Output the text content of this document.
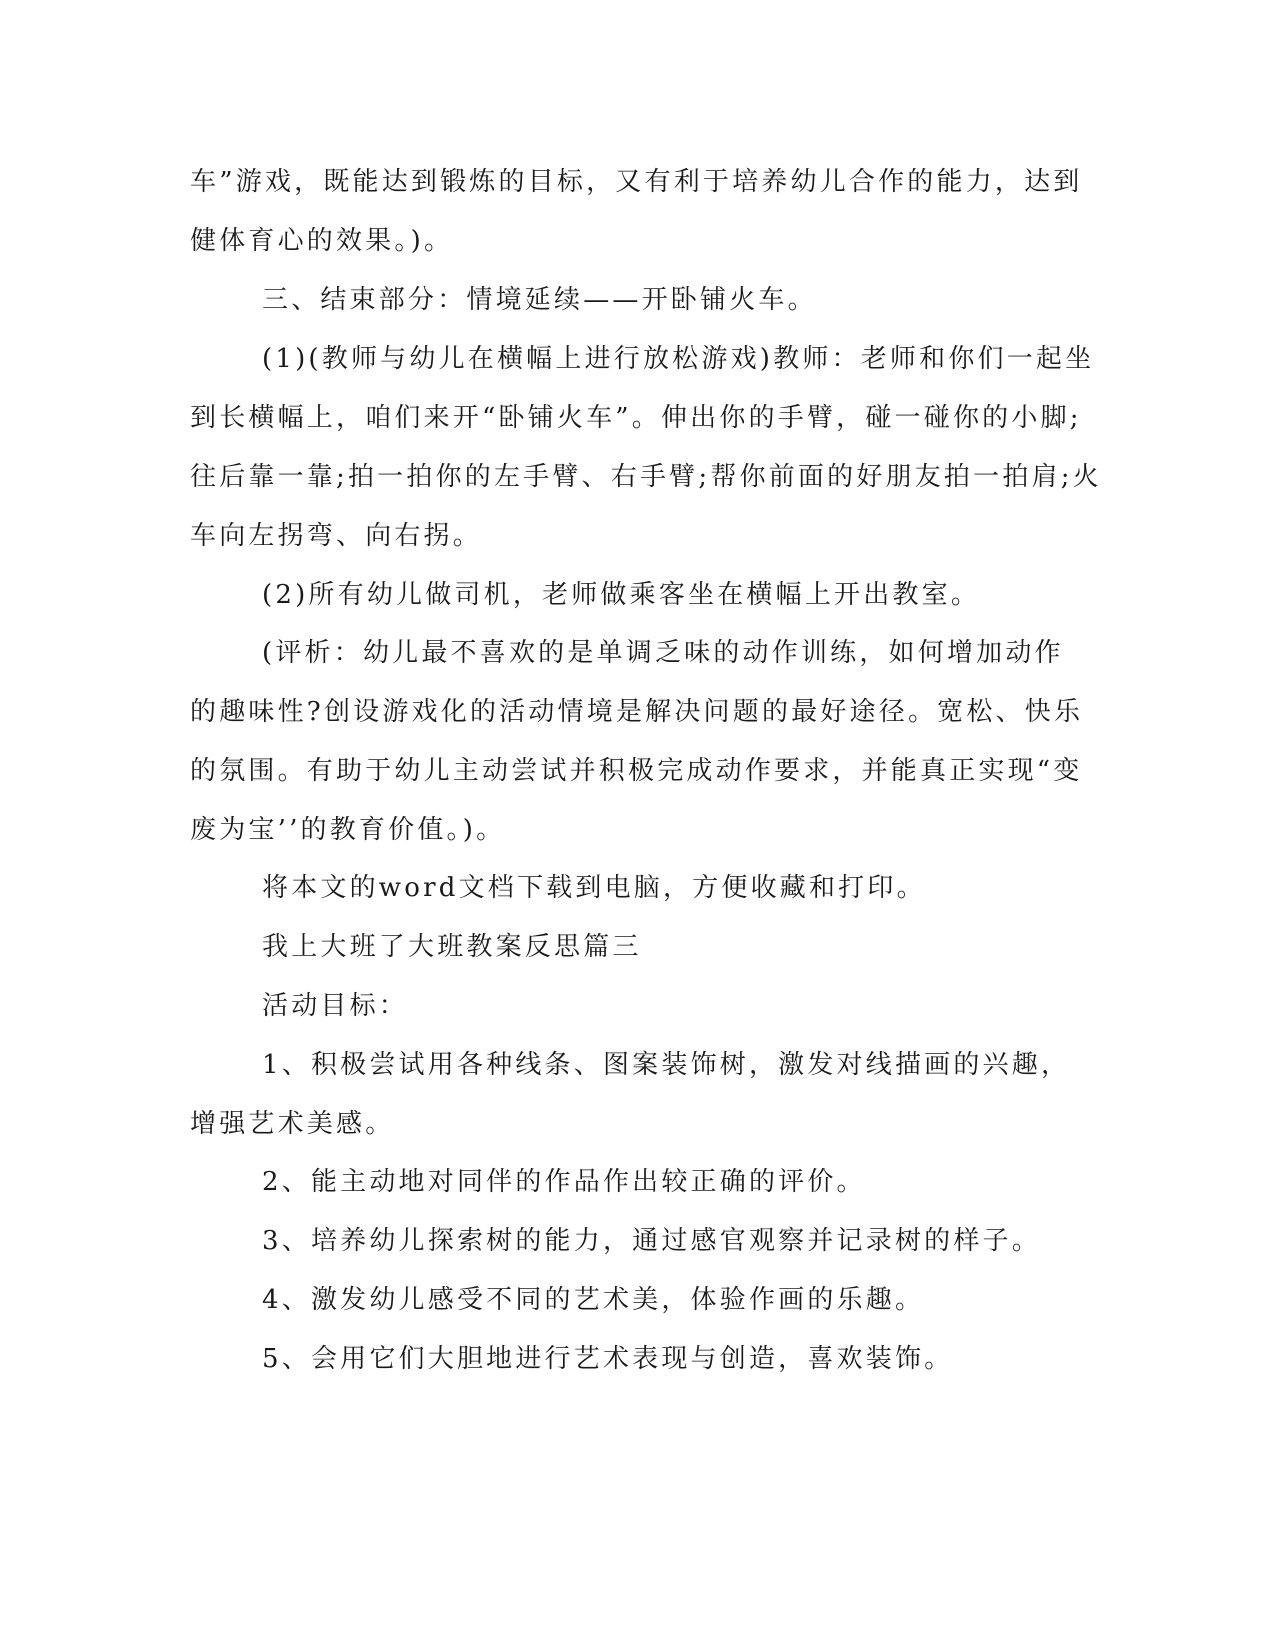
车”游戏，既能达到锻炼的目标，又有利于培养幼儿合作的能力，达到
健体育心的效果。)。
三、结束部分：情境延续——开卧铺火车。
(1)(教师与幼儿在横幅上进行放松游戏)教师：老师和你们一起坐
到长横幅上，咱们来开“卧铺火车”。伸出你的手臂，碰一碰你的小脚;
往后靠一靠;拍一拍你的左手臂、右手臂;帮你前面的好朋友拍一拍肩;火
车向左拐弯、向右拐。
(2)所有幼儿做司机，老师做乘客坐在横幅上开出教室。
(评析：幼儿最不喜欢的是单调乏味的动作训练，如何增加动作
的趣味性?创设游戏化的活动情境是解决问题的最好途径。宽松、快乐
的氛围。有助于幼儿主动尝试并积极完成动作要求，并能真正实现“变
废为宝’’的教育价值。)。
将本文的word文档下载到电脑，方便收藏和打印。
我上大班了大班教案反思篇三
活动目标：
1、积极尝试用各种线条、图案装饰树，激发对线描画的兴趣，
增强艺术美感。
2、能主动地对同伴的作品作出较正确的评价。
3、培养幼儿探索树的能力，通过感官观察并记录树的样子。
4、激发幼儿感受不同的艺术美，体验作画的乐趣。
5、会用它们大胆地进行艺术表现与创造，喜欢装饰。
